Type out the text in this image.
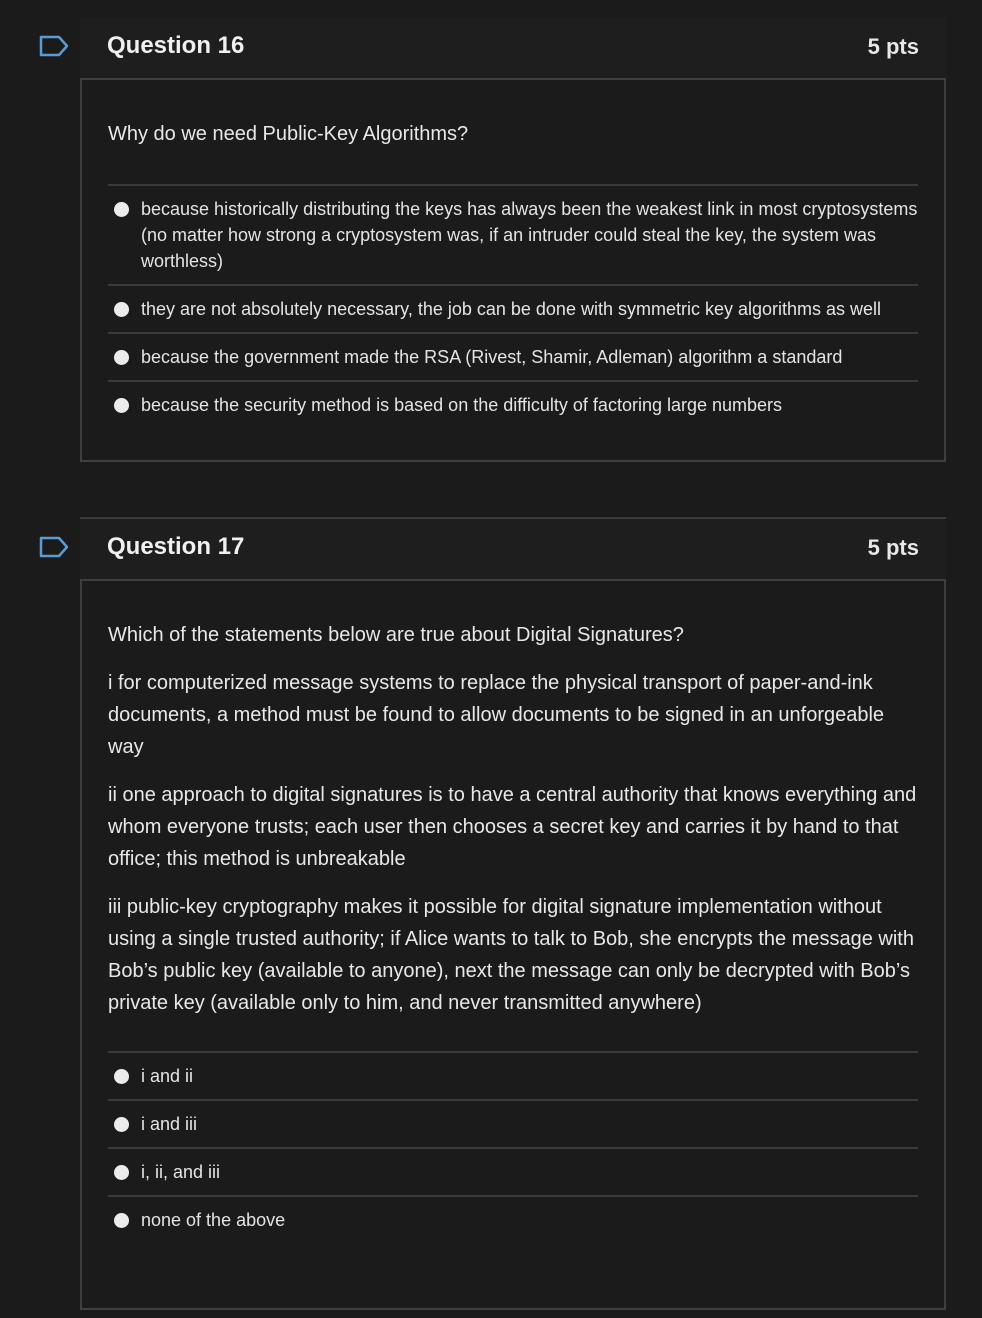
Question 16	5 pts

Why do we need Public-Key Algorithms?

because historically distributing the keys has always been the weakest link in most cryptosystems (no matter how strong a cryptosystem was, if an intruder could steal the key, the system was worthless)
they are not absolutely necessary, the job can be done with symmetric key algorithms as well
because the government made the RSA (Rivest, Shamir, Adleman) algorithm a standard
because the security method is based on the difficulty of factoring large numbers
Question 17	5 pts

Which of the statements below are true about Digital Signatures?

i for computerized message systems to replace the physical transport of paper-and-ink documents, a method must be found to allow documents to be signed in an unforgeable way

ii one approach to digital signatures is to have a central authority that knows everything and whom everyone trusts; each user then chooses a secret key and carries it by hand to that office; this method is unbreakable

iii public-key cryptography makes it possible for digital signature implementation without using a single trusted authority; if Alice wants to talk to Bob, she encrypts the message with Bob’s public key (available to anyone), next the message can only be decrypted with Bob’s private key (available only to him, and never transmitted anywhere)

i and ii
i and iii
i, ii, and iii
none of the above
